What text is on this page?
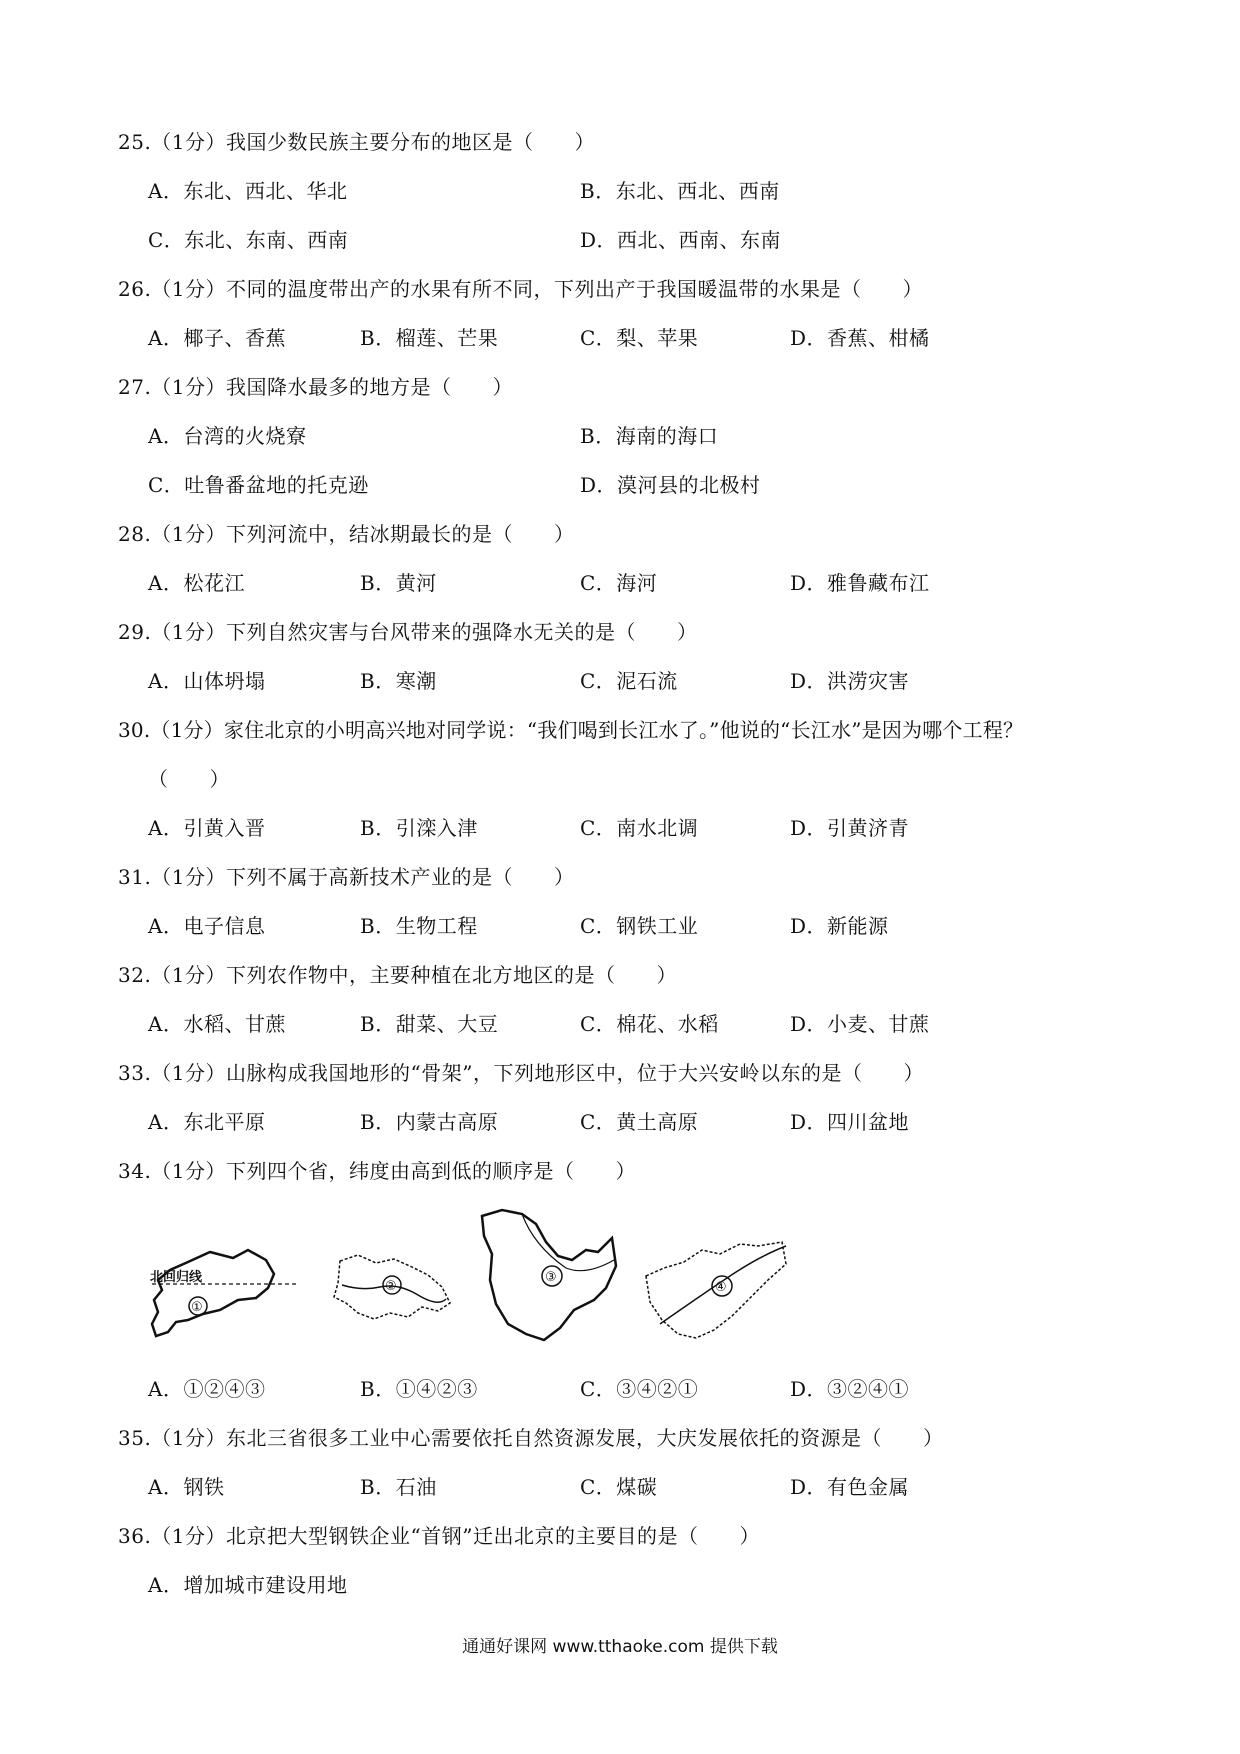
25.（1分）我国少数民族主要分布的地区是（　　）
A．东北、西北、华北	B．东北、西北、西南
C．东北、东南、西南	D．西北、西南、东南
26.（1分）不同的温度带出产的水果有所不同，下列出产于我国暖温带的水果是（　　）
A．椰子、香蕉	B．榴莲、芒果	C．梨、苹果	D．香蕉、柑橘
27.（1分）我国降水最多的地方是（　　）
A．台湾的火烧寮	B．海南的海口
C．吐鲁番盆地的托克逊	D．漠河县的北极村
28.（1分）下列河流中，结冰期最长的是（　　）
A．松花江	B．黄河	C．海河	D．雅鲁藏布江
29.（1分）下列自然灾害与台风带来的强降水无关的是（　　）
A．山体坍塌	B．寒潮	C．泥石流	D．洪涝灾害
30.（1分）家住北京的小明高兴地对同学说：“我们喝到长江水了。”他说的“长江水”是因为哪个工程？
（　　）
A．引黄入晋	B．引滦入津	C．南水北调	D．引黄济青
31.（1分）下列不属于高新技术产业的是（　　）
A．电子信息	B．生物工程	C．钢铁工业	D．新能源
32.（1分）下列农作物中，主要种植在北方地区的是（　　）
A．水稻、甘蔗	B．甜菜、大豆	C．棉花、水稻	D．小麦、甘蔗
33.（1分）山脉构成我国地形的“骨架”，下列地形区中，位于大兴安岭以东的是（　　）
A．东北平原	B．内蒙古高原	C．黄土高原	D．四川盆地
34.（1分）下列四个省，纬度由高到低的顺序是（　　）
北回归线
①
②
③
④
A．①②④③	B．①④②③	C．③④②①	D．③②④①
35.（1分）东北三省很多工业中心需要依托自然资源发展，大庆发展依托的资源是（　　）
A．钢铁	B．石油	C．煤碳	D．有色金属
36.（1分）北京把大型钢铁企业“首钢”迁出北京的主要目的是（　　）
A．增加城市建设用地
通通好课网 www.tthaoke.com 提供下载
